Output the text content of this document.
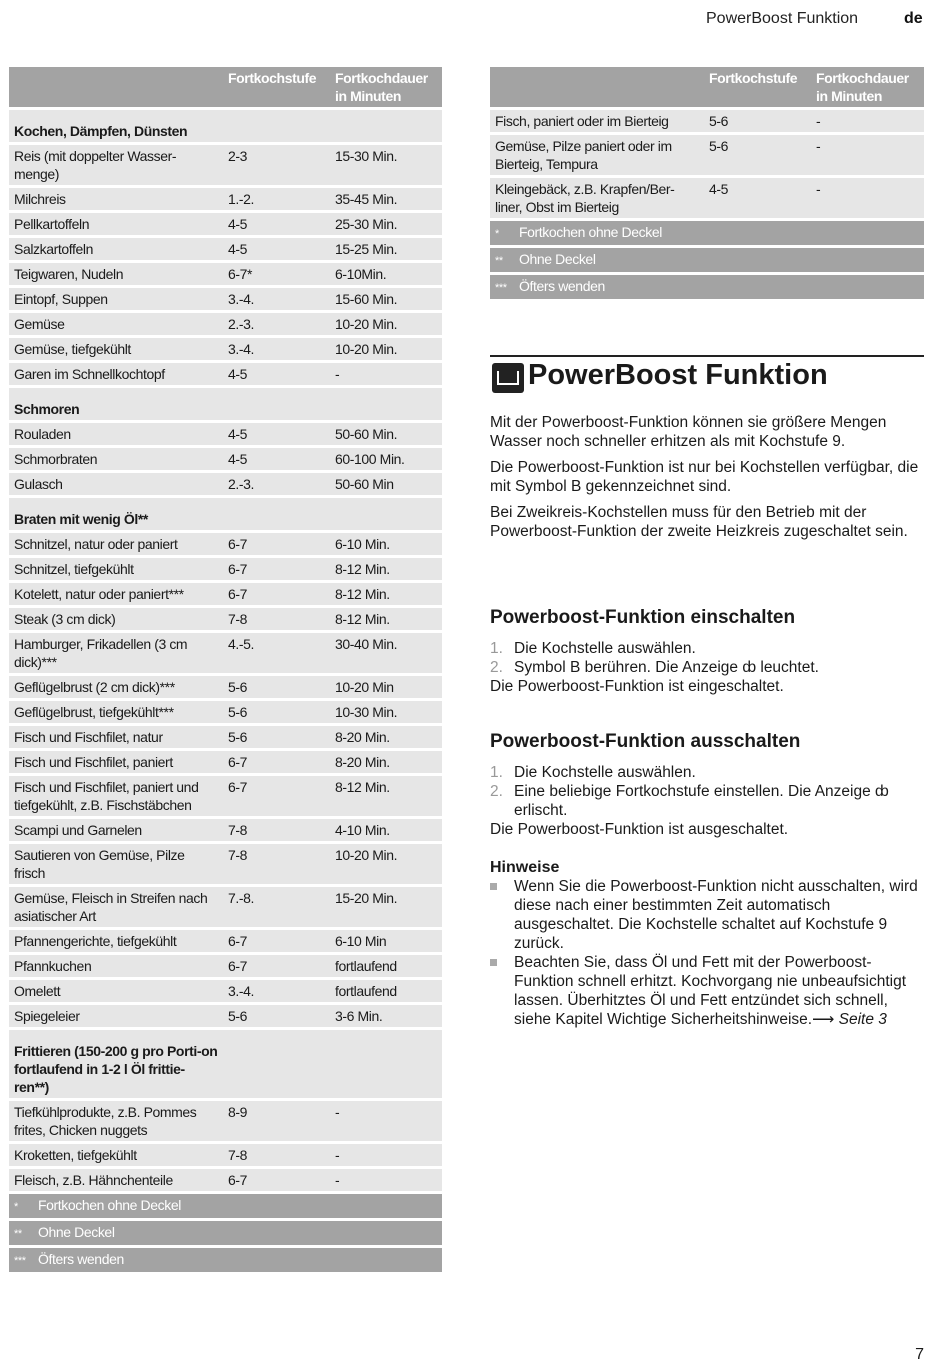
PowerBoost Funktion	de
	Fortkochstufe	Fortkochdauer in Minuten
Kochen, Dämpfen, Dünsten		
Reis (mit doppelter Wasser-menge)	2-3	15-30 Min.
Milchreis	1.-2.	35-45 Min.
Pellkartoffeln	4-5	25-30 Min.
Salzkartoffeln	4-5	15-25 Min.
Teigwaren, Nudeln	6-7*	6-10Min.
Eintopf, Suppen	3.-4.	15-60 Min.
Gemüse	2.-3.	10-20 Min.
Gemüse, tiefgekühlt	3.-4.	10-20 Min.
Garen im Schnellkochtopf	4-5	-
Schmoren		
Rouladen	4-5	50-60 Min.
Schmorbraten	4-5	60-100 Min.
Gulasch	2.-3.	50-60 Min
Braten mit wenig Öl**		
Schnitzel, natur oder paniert	6-7	6-10 Min.
Schnitzel, tiefgekühlt	6-7	8-12 Min.
Kotelett, natur oder paniert***	6-7	8-12 Min.
Steak (3 cm dick)	7-8	8-12 Min.
Hamburger, Frikadellen (3 cm dick)***	4.-5.	30-40 Min.
Geflügelbrust (2 cm dick)***	5-6	10-20 Min
Geflügelbrust, tiefgekühlt***	5-6	10-30 Min.
Fisch und Fischfilet, natur	5-6	8-20 Min.
Fisch und Fischfilet, paniert	6-7	8-20 Min.
Fisch und Fischfilet, paniert und tiefgekühlt, z.B. Fischstäbchen	6-7	8-12 Min.
Scampi und Garnelen	7-8	4-10 Min.
Sautieren von Gemüse, Pilze frisch	7-8	10-20 Min.
Gemüse, Fleisch in Streifen nach asiatischer Art	7.-8.	15-20 Min.
Pfannengerichte, tiefgekühlt	6-7	6-10 Min
Pfannkuchen	6-7	fortlaufend
Omelett	3.-4.	fortlaufend
Spiegeleier	5-6	3-6 Min.
Frittieren (150-200 g pro Porti-on fortlaufend in 1-2 l Öl frittie-ren**)		
Tiefkühlprodukte, z.B. Pommes frites, Chicken nuggets	8-9	-
Kroketten, tiefgekühlt	7-8	-
Fleisch, z.B. Hähnchenteile	6-7	-
* Fortkochen ohne Deckel		
** Ohne Deckel		
*** Öfters wenden		
	Fortkochstufe	Fortkochdauer in Minuten
Fisch, paniert oder im Bierteig	5-6	-
Gemüse, Pilze paniert oder im Bierteig, Tempura	5-6	-
Kleingebäck, z.B. Krapfen/Ber-liner, Obst im Bierteig	4-5	-
* Fortkochen ohne Deckel		
** Ohne Deckel		
*** Öfters wenden		
PowerBoost Funktion

Mit der Powerboost-Funktion können sie größere Mengen Wasser noch schneller erhitzen als mit Kochstufe 9.

Die Powerboost-Funktion ist nur bei Kochstellen verfügbar, die mit Symbol B gekennzeichnet sind.

Bei Zweikreis-Kochstellen muss für den Betrieb mit der Powerboost-Funktion der zweite Heizkreis zugeschaltet sein.

Powerboost-Funktion einschalten
1. Die Kochstelle auswählen.
2. Symbol B berühren. Die Anzeige ȸ leuchtet.
Die Powerboost-Funktion ist eingeschaltet.
Powerboost-Funktion ausschalten
1. Die Kochstelle auswählen.
2. Eine beliebige Fortkochstufe einstellen. Die Anzeige ȸ erlischt.
Die Powerboost-Funktion ist ausgeschaltet.
Hinweise
Wenn Sie die Powerboost-Funktion nicht ausschalten, wird diese nach einer bestimmten Zeit automatisch ausgeschaltet. Die Kochstelle schaltet auf Kochstufe 9 zurück.
Beachten Sie, dass Öl und Fett mit der Powerboost-Funktion schnell erhitzt. Kochvorgang nie unbeaufsichtigt lassen. Überhitztes Öl und Fett entzündet sich schnell, siehe Kapitel Wichtige Sicherheitshinweise.⟶ Seite 3
7
